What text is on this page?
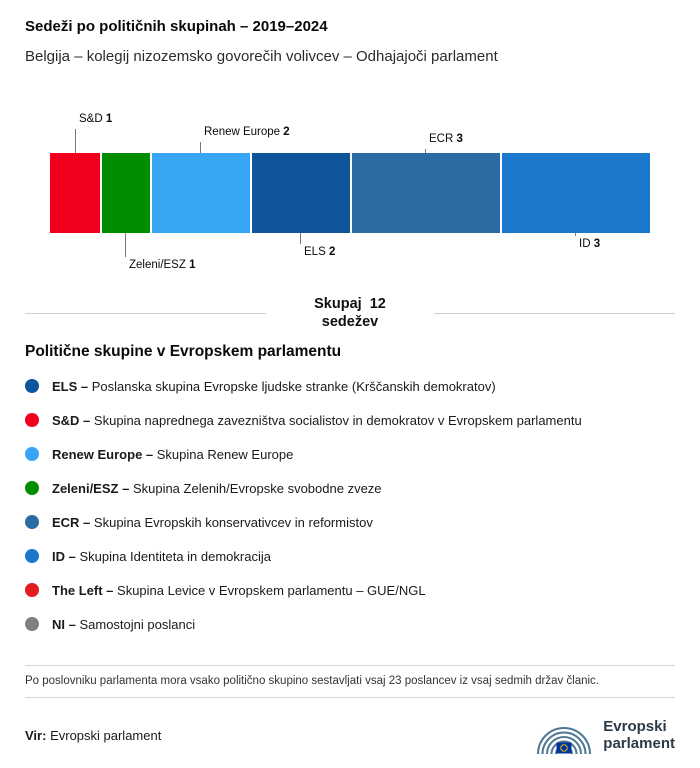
Sedeži po političnih skupinah – 2019–2024
Belgija – kolegij nizozemsko govorečih volivcev – Odhajajoči parlament
S&D 1
Zeleni/ESZ 1
Renew Europe 2
ELS 2
ECR 3
ID 3
Skupaj 12
sedežev
Politične skupine v Evropskem parlamentu
ELS – Poslanska skupina Evropske ljudske stranke (Krščanskih demokratov)
S&D – Skupina naprednega zavezništva socialistov in demokratov v Evropskem parlamentu
Renew Europe – Skupina Renew Europe
Zeleni/ESZ – Skupina Zelenih/Evropske svobodne zveze
ECR – Skupina Evropskih konservativcev in reformistov
ID – Skupina Identiteta in demokracija
The Left – Skupina Levice v Evropskem parlamentu – GUE/NGL
NI – Samostojni poslanci
Po poslovniku parlamenta mora vsako politično skupino sestavljati vsaj 23 poslancev iz vsaj sedmih držav članic.
Vir: Evropski parlament
Evropski
parlament
